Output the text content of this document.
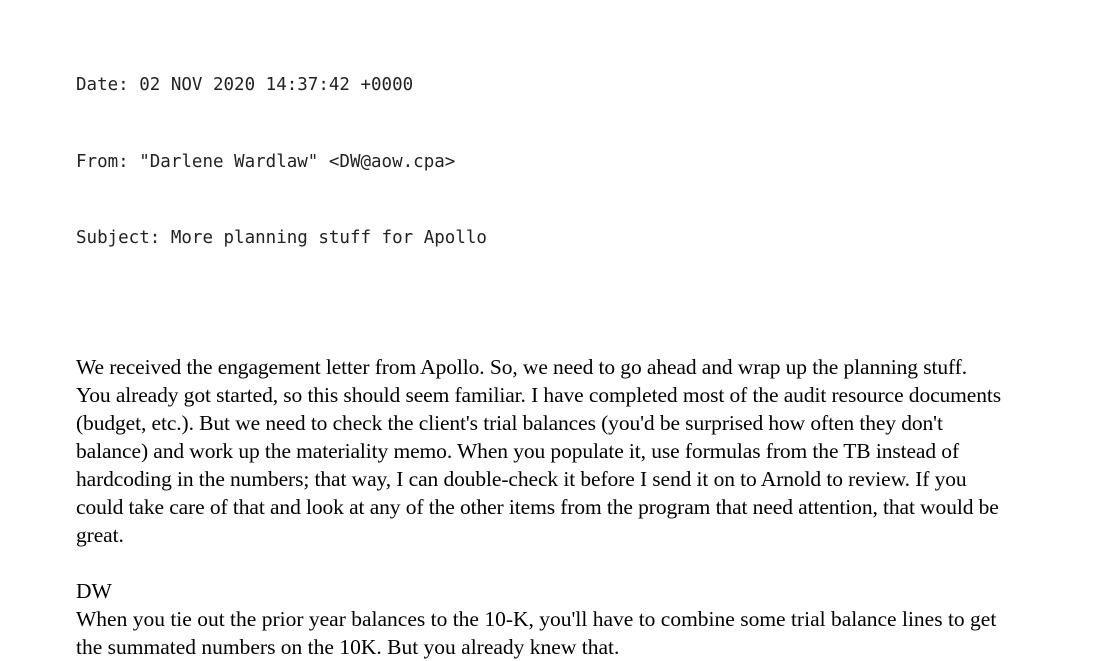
Date: 02 NOV 2020 14:37:42 +0000

From: "Darlene Wardlaw" <DW@aow.cpa>

Subject: More planning stuff for Apollo

We received the engagement letter from Apollo. So, we need to go ahead and wrap up the planning stuff. You already got started, so this should seem familiar. I have completed most of the audit resource documents (budget, etc.). But we need to check the client's trial balances (you'd be surprised how often they don't balance) and work up the materiality memo. When you populate it, use formulas from the TB instead of hardcoding in the numbers; that way, I can double-check it before I send it on to Arnold to review. If you could take care of that and look at any of the other items from the program that need attention, that would be great.

DW

When you tie out the prior year balances to the 10-K, you'll have to combine some trial balance lines to get the summated numbers on the 10K. But you already knew that.
